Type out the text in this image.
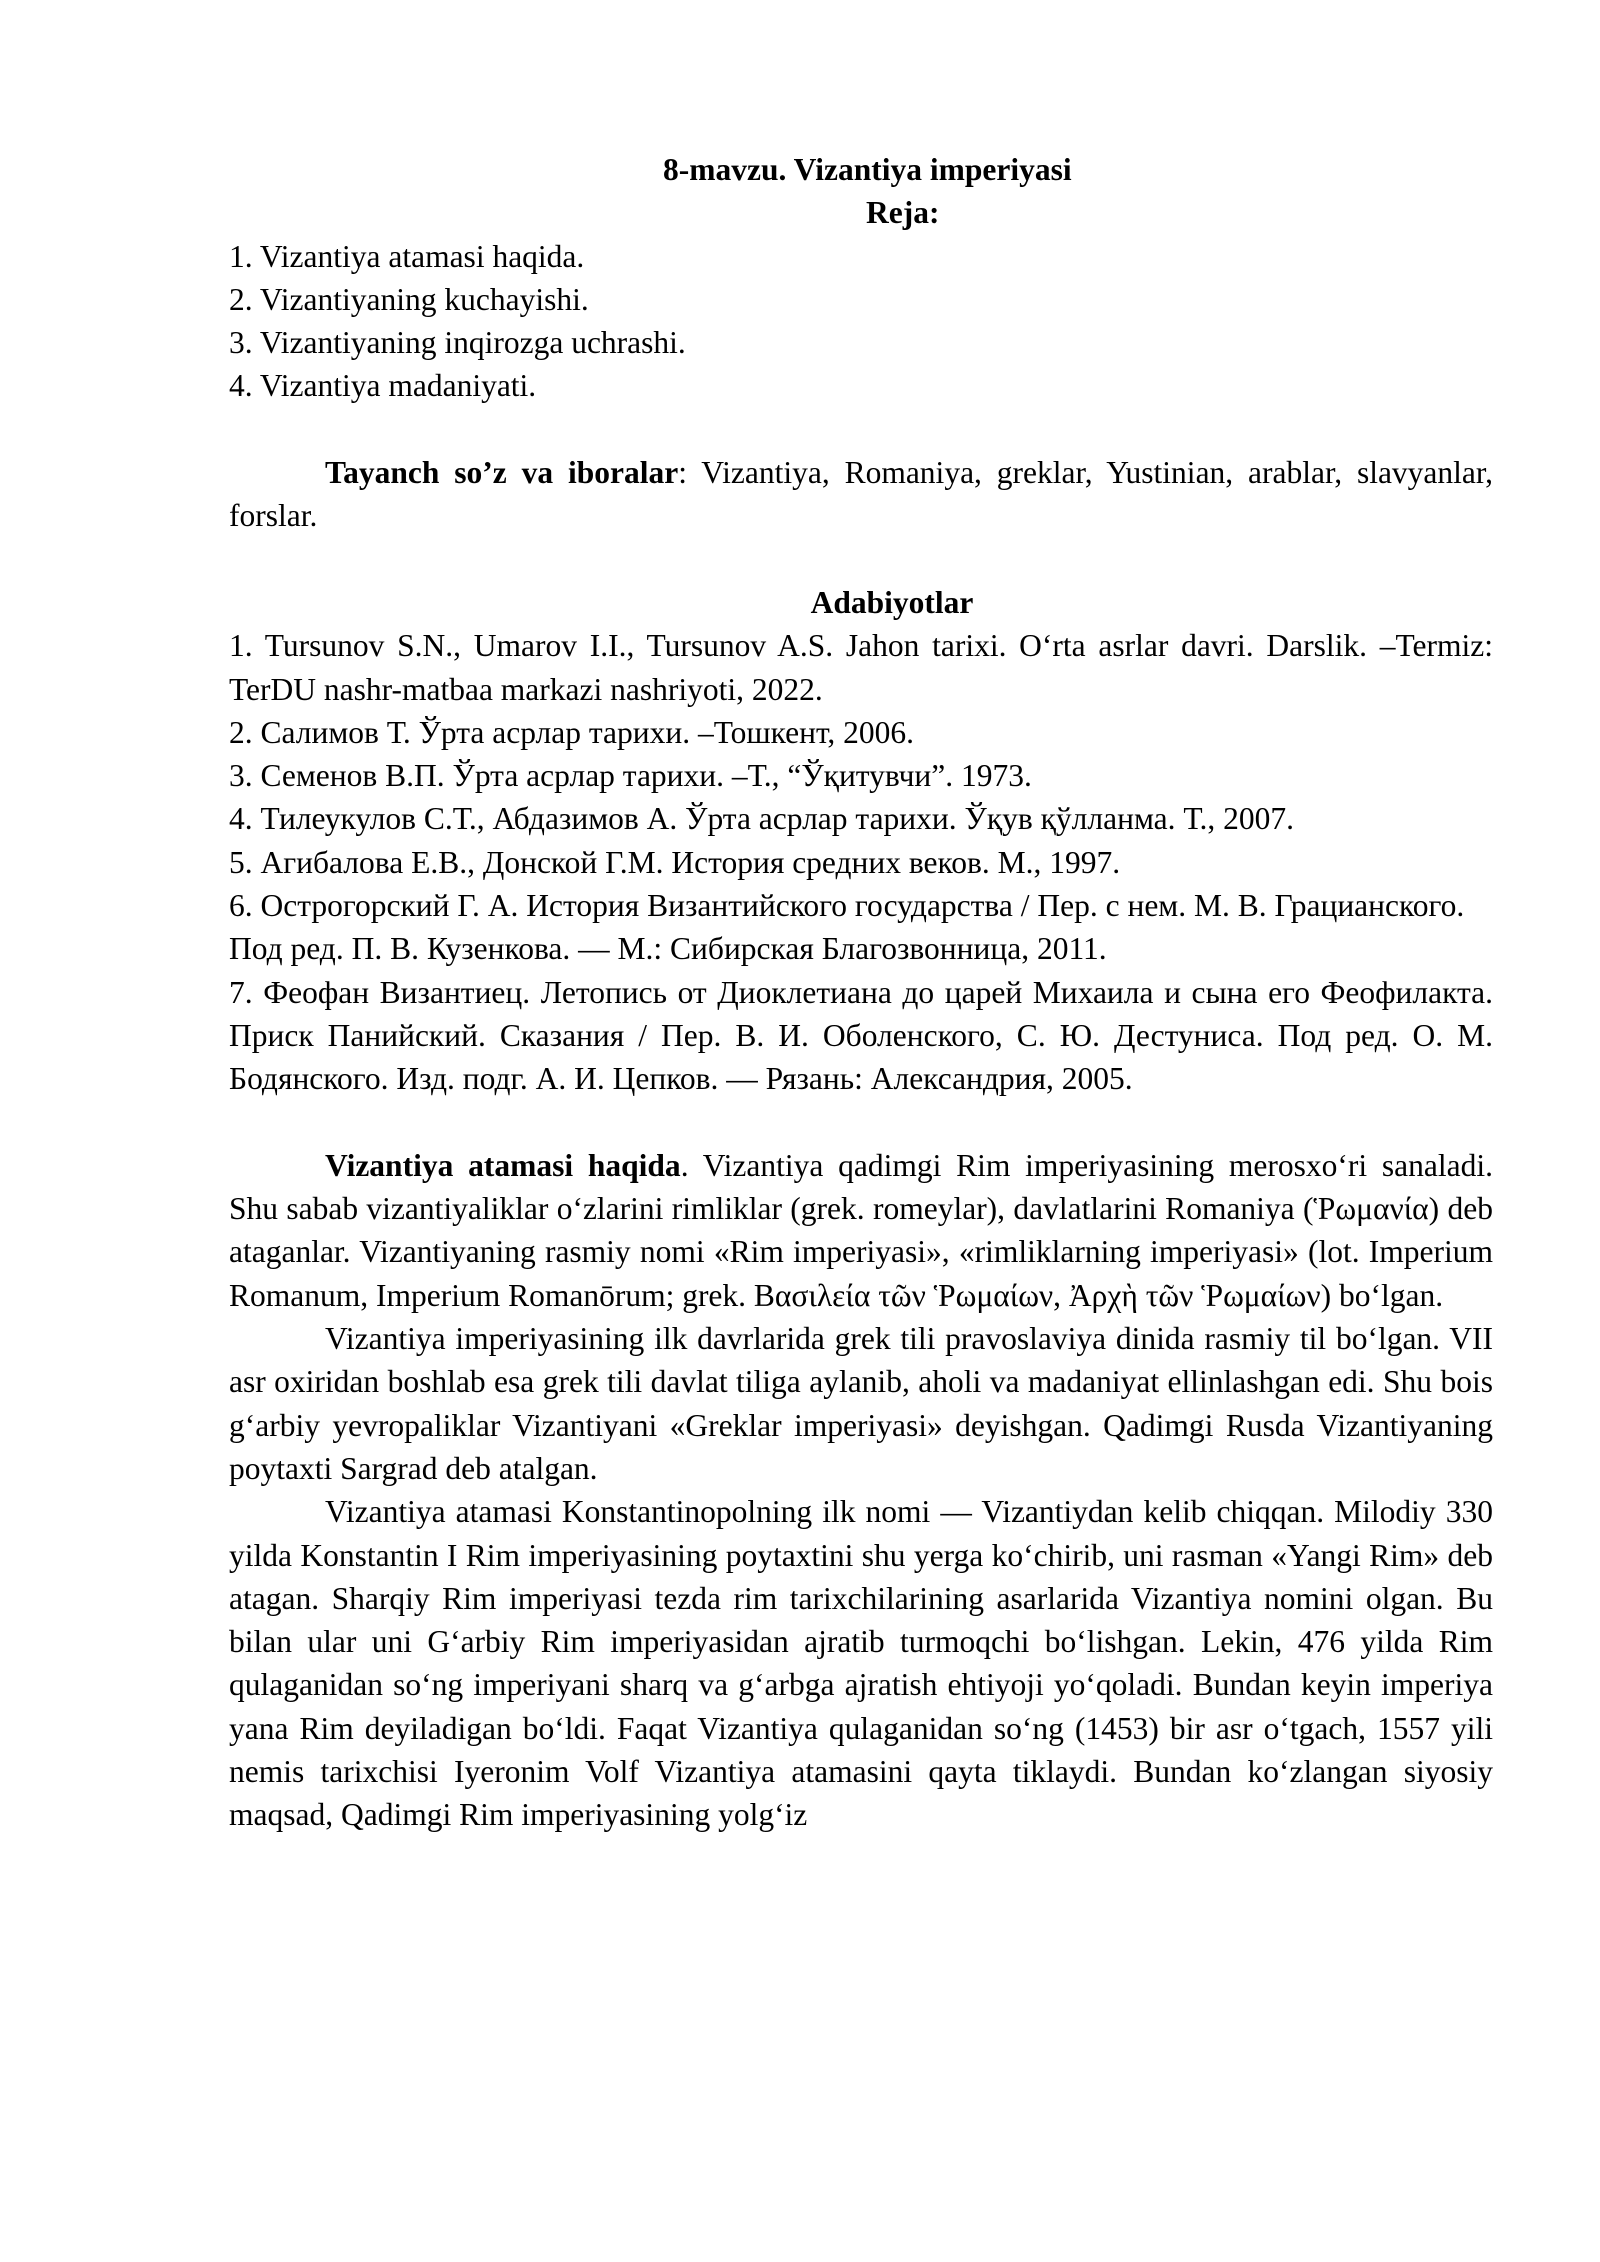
8-mavzu. Vizantiya imperiyasi
Reja:
1. Vizantiya atamasi haqida.
2. Vizantiyaning kuchayishi.
3. Vizantiyaning inqirozga uchrashi.
4. Vizantiya madaniyati.
Tayanch so’z va iboralar: Vizantiya, Romaniya, greklar, Yustinian, arablar, slavyanlar, forslar.
Adabiyotlar
1. Tursunov S.N., Umarov I.I., Tursunov A.S. Jahon tarixi. O‘rta asrlar davri. Darslik. –Termiz: TerDU nashr-matbaa markazi nashriyoti, 2022.
2. Салимов Т. Ўрта асрлар тарихи. –Тошкент, 2006.
3. Семенов В.П. Ўрта асрлар тарихи. –Т., “Ўқитувчи”. 1973.
4. Тилеукулов С.Т., Абдазимов А. Ўрта асрлар тарихи. Ўқув қўлланма. Т., 2007.
5. Агибалова Е.В., Донской Г.М. История средних веков. М., 1997.
6. Острогорский Г. А. История Византийского государства / Пер. с нем. М. В. Грацианского. Под ред. П. В. Кузенкова. — М.: Сибирская Благозвонница, 2011.
7. Феофан Византиец. Летопись от Диоклетиана до царей Михаила и сына его Феофилакта. Приск Панийский. Сказания / Пер. В. И. Оболенского, С. Ю. Дестуниса. Под ред. О. М. Бодянского. Изд. подг. А. И. Цепков. — Рязань: Александрия, 2005.
Vizantiya atamasi haqida. Vizantiya qadimgi Rim imperiyasining merosxo‘ri sanaladi. Shu sabab vizantiyaliklar o‘zlarini rimliklar (grek. romeylar), davlatlarini Romaniya (Ῥωμανία) deb ataganlar. Vizantiyaning rasmiy nomi «Rim imperiyasi», «rimliklarning imperiyasi» (lot. Imperium Romanum, Imperium Romanōrum; grek. Βασιλεία τῶν Ῥωμαίων, Ἀρχὴ τῶν Ῥωμαίων) bo‘lgan.
Vizantiya imperiyasining ilk davrlarida grek tili pravoslaviya dinida rasmiy til bo‘lgan. VII asr oxiridan boshlab esa grek tili davlat tiliga aylanib, aholi va madaniyat ellinlashgan edi. Shu bois g‘arbiy yevropaliklar Vizantiyani «Greklar imperiyasi» deyishgan. Qadimgi Rusda Vizantiyaning poytaxti Sargrad deb atalgan.
Vizantiya atamasi Konstantinopolning ilk nomi — Vizantiydan kelib chiqqan. Milodiy 330 yilda Konstantin I Rim imperiyasining poytaxtini shu yerga ko‘chirib, uni rasman «Yangi Rim» deb atagan. Sharqiy Rim imperiyasi tezda rim tarixchilarining asarlarida Vizantiya nomini olgan. Bu bilan ular uni G‘arbiy Rim imperiyasidan ajratib turmoqchi bo‘lishgan. Lekin, 476 yilda Rim qulaganidan so‘ng imperiyani sharq va g‘arbga ajratish ehtiyoji yo‘qoladi. Bundan keyin imperiya yana Rim deyiladigan bo‘ldi. Faqat Vizantiya qulaganidan so‘ng (1453) bir asr o‘tgach, 1557 yili nemis tarixchisi Iyeronim Volf Vizantiya atamasini qayta tiklaydi. Bundan ko‘zlangan siyosiy maqsad, Qadimgi Rim imperiyasining yolg‘iz
